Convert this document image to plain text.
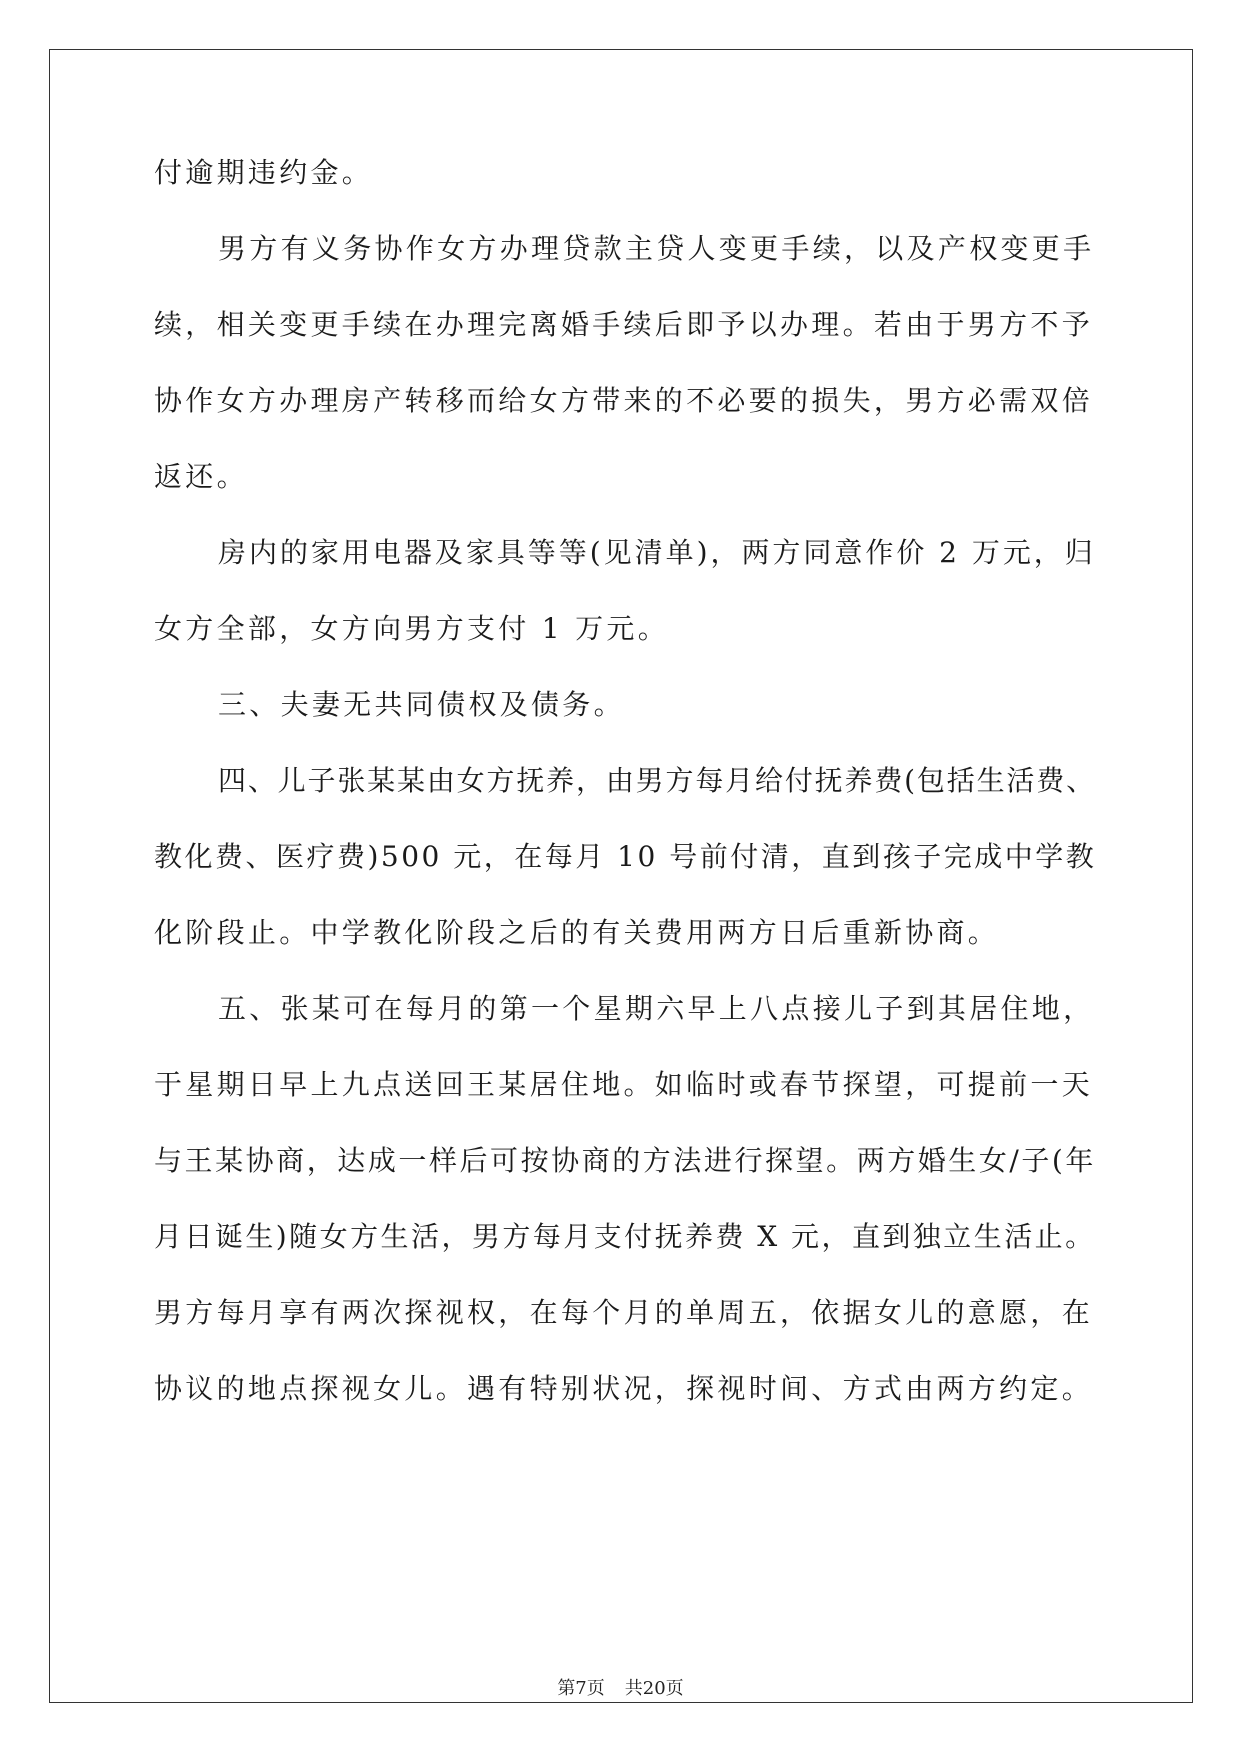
付逾期违约金。
男方有义务协作女方办理贷款主贷人变更手续，以及产权变更手
续，相关变更手续在办理完离婚手续后即予以办理。若由于男方不予
协作女方办理房产转移而给女方带来的不必要的损失，男方必需双倍
返还。
房内的家用电器及家具等等(见清单)，两方同意作价 2 万元，归
女方全部，女方向男方支付 1 万元。
三、夫妻无共同债权及债务。
四、儿子张某某由女方抚养，由男方每月给付抚养费(包括生活费、
教化费、医疗费)500 元，在每月 10 号前付清，直到孩子完成中学教
化阶段止。中学教化阶段之后的有关费用两方日后重新协商。
五、张某可在每月的第一个星期六早上八点接儿子到其居住地，
于星期日早上九点送回王某居住地。如临时或春节探望，可提前一天
与王某协商，达成一样后可按协商的方法进行探望。两方婚生女/子(年
月日诞生)随女方生活，男方每月支付抚养费 X 元，直到独立生活止。
男方每月享有两次探视权，在每个月的单周五，依据女儿的意愿，在
协议的地点探视女儿。遇有特别状况，探视时间、方式由两方约定。
第7页 共20页
